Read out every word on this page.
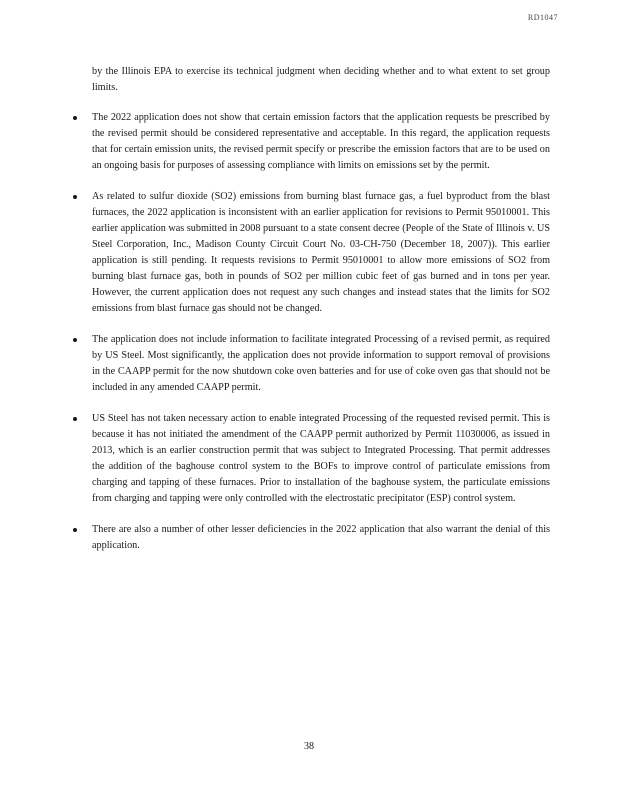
RD1047

by the Illinois EPA to exercise its technical judgment when deciding whether and to what extent to set group limits.

The 2022 application does not show that certain emission factors that the application requests be prescribed by the revised permit should be considered representative and acceptable. In this regard, the application requests that for certain emission units, the revised permit specify or prescribe the emission factors that are to be used on an ongoing basis for purposes of assessing compliance with limits on emissions set by the permit.
As related to sulfur dioxide (SO2) emissions from burning blast furnace gas, a fuel byproduct from the blast furnaces, the 2022 application is inconsistent with an earlier application for revisions to Permit 95010001. This earlier application was submitted in 2008 pursuant to a state consent decree (People of the State of Illinois v. US Steel Corporation, Inc., Madison County Circuit Court No. 03-CH-750 (December 18, 2007)). This earlier application is still pending. It requests revisions to Permit 95010001 to allow more emissions of SO2 from burning blast furnace gas, both in pounds of SO2 per million cubic feet of gas burned and in tons per year. However, the current application does not request any such changes and instead states that the limits for SO2 emissions from blast furnace gas should not be changed.
The application does not include information to facilitate integrated Processing of a revised permit, as required by US Steel. Most significantly, the application does not provide information to support removal of provisions in the CAAPP permit for the now shutdown coke oven batteries and for use of coke oven gas that should not be included in any amended CAAPP permit.
US Steel has not taken necessary action to enable integrated Processing of the requested revised permit. This is because it has not initiated the amendment of the CAAPP permit authorized by Permit 11030006, as issued in 2013, which is an earlier construction permit that was subject to Integrated Processing. That permit addresses the addition of the baghouse control system to the BOFs to improve control of particulate emissions from charging and tapping of these furnaces. Prior to installation of the baghouse system, the particulate emissions from charging and tapping were only controlled with the electrostatic precipitator (ESP) control system.
There are also a number of other lesser deficiencies in the 2022 application that also warrant the denial of this application.
38
